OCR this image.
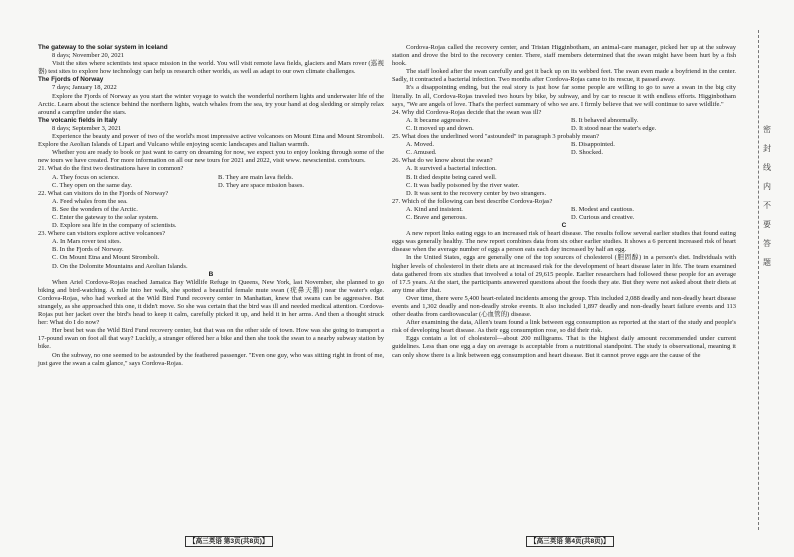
The gateway to the solar system in Iceland

8 days; November 20, 2021

Visit the sites where scientists test space mission in the world. You will visit remote lava fields, glaciers and Mars rover (巡视器) test sites to explore how technology can help us research other worlds, as well as adapt to our own climate challenges.

The Fjords of Norway

7 days; January 18, 2022

Explore the Fjords of Norway as you start the winter voyage to watch the wonderful northern lights and underwater life of the Arctic. Learn about the science behind the northern lights, watch whales from the sea, try your hand at dog sledding or simply relax around a campfire under the stars.

The volcanic fields in Italy

8 days; September 3, 2021

Experience the beauty and power of two of the world's most impressive active volcanoes on Mount Etna and Mount Stromboli. Explore the Aeolian Islands of Lipari and Vulcano while enjoying scenic landscapes and Italian warmth.

Whether you are ready to book or just want to carry on dreaming for now, we expect you to enjoy looking through some of the new tours we have created. For more information on all our new tours for 2021 and 2022, visit www. newscientist. com/tours.

21. What do the first two destinations have in common?

A. They focus on science.	B. They are main lava fields.

C. They open on the same day.	D. They are space mission bases.

22. What can visitors do in the Fjords of Norway?

A. Feed whales from the sea.

B. See the wonders of the Arctic.

C. Enter the gateway to the solar system.

D. Explore sea life in the company of scientists.

23. Where can visitors explore active volcanoes?

A. In Mars rover test sites.

B. In the Fjords of Norway.

C. On Mount Etna and Mount Stromboli.

D. On the Dolomite Mountains and Aeolian Islands.

B

When Ariel Cordova-Rojas reached Jamaica Bay Wildlife Refuge in Queens, New York, last November, she planned to go biking and bird-watching. A mile into her walk, she spotted a beautiful female mute swan (疣鼻天鹅) near the water's edge. Cordova-Rojas, who had worked at the Wild Bird Fund recovery center in Manhattan, knew that swans can be aggressive. But strangely, as she approached this one, it didn't move. So she was certain that the bird was ill and needed medical attention. Cordova-Rojas put her jacket over the bird's head to keep it calm, carefully picked it up, and held it in her arms. And then a thought struck her: What do I do now?

Her best bet was the Wild Bird Fund recovery center, but that was on the other side of town. How was she going to transport a 17-pound swan on foot all that way? Luckily, a stranger offered her a bike and then she took the swan to a nearby subway station by bike.

On the subway, no one seemed to be astounded by the feathered passenger. "Even one guy, who was sitting right in front of me, just gave the swan a calm glance," says Cordova-Rojas.

Cordova-Rojas called the recovery center, and Tristan Higginbotham, an animal-care manager, picked her up at the subway station and drove the bird to the recovery center. There, staff members determined that the swan might have been hurt by a fish hook.

The staff looked after the swan carefully and got it back up on its webbed feet. The swan even made a boyfriend in the center. Sadly, it contracted a bacterial infection. Two months after Cordova-Rojas came to its rescue, it passed away.

It's a disappointing ending, but the real story is just how far some people are willing to go to save a swan in the big city literally. In all, Cordova-Rojas traveled two hours by bike, by subway, and by car to rescue it with endless efforts. Higginbotham says, "We are angels of love. That's the perfect summary of who we are. I firmly believe that we will continue to save wildlife."

24. Why did Cordova-Rojas decide that the swan was ill?

A. It became aggressive.	B. It behaved abnormally.

C. It moved up and down.	D. It stood near the water's edge.

25. What does the underlined word "astounded" in paragraph 3 probably mean?

A. Moved.	B. Disappointed.

C. Amused.	D. Shocked.

26. What do we know about the swan?

A. It survived a bacterial infection.

B. It died despite being cared well.

C. It was badly poisoned by the river water.

D. It was sent to the recovery center by two strangers.

27. Which of the following can best describe Cordova-Rojas?

A. Kind and insistent.	B. Modest and cautious.

C. Brave and generous.	D. Curious and creative.

C

A new report links eating eggs to an increased risk of heart disease. The results follow several earlier studies that found eating eggs was generally healthy. The new report combines data from six other earlier studies. It shows a 6 percent increased risk of heart disease when the average number of eggs a person eats each day increased by half an egg.

In the United States, eggs are generally one of the top sources of cholesterol (胆固醇) in a person's diet. Individuals with higher levels of cholesterol in their diets are at increased risk for the development of heart disease later in life. The team examined data gathered from six studies that involved a total of 29,615 people. Earlier researchers had followed these people for an average of 17.5 years. At the start, the participants answered questions about the foods they ate. But they were not asked about their diets at any time after that.

Over time, there were 5,400 heart-related incidents among the group. This included 2,088 deadly and non-deadly heart disease events and 1,302 deadly and non-deadly stroke events. It also included 1,897 deadly and non-deadly heart failure events and 113 other deaths from cardiovascular (心血管的) disease.

After examining the data, Allen's team found a link between egg consumption as reported at the start of the study and people's risk of developing heart disease. As their egg consumption rose, so did their risk.

Eggs contain a lot of cholesterol—about 200 milligrams. That is the highest daily amount recommended under current guidelines. Less than one egg a day on average is acceptable from a nutritional standpoint. The study is observational, meaning it can only show there is a link between egg consumption and heart disease. But it cannot prove eggs are the cause of the

【高三英语 第3页(共8页)】	【高三英语 第4页(共8页)】
密
封
线
内
不
要
答
题
